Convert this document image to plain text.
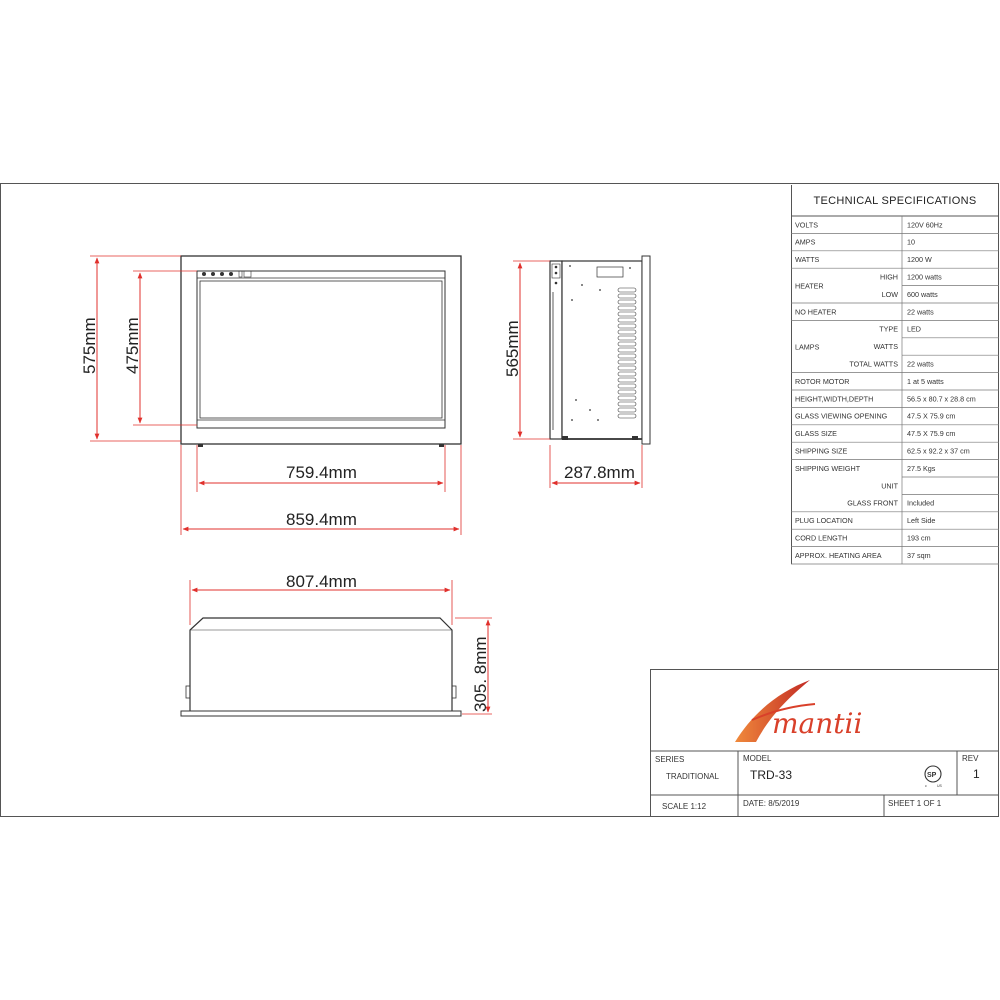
575mm 475mm
759.4mm
859.4mm
565mm
287.8mm
807.4mm
305. 8mm
TECHNICAL SPECIFICATIONS
VOLTS	120V 60Hz
AMPS	10
WATTS	1200 W
HEATER
HIGH 1200 watts
LOW 600 watts
NO HEATER	22 watts
LAMPS
TYPE LED
WATTS
TOTAL WATTS 22 watts
ROTOR MOTOR	1 at 5 watts
HEIGHT,WIDTH,DEPTH	56.5 x 80.7 x 28.8 cm
GLASS VIEWING OPENING	47.5 X 75.9 cm
GLASS SIZE	47.5 X 75.9 cm
SHIPPING SIZE	62.5 x 92.2 x 37 cm
SHIPPING WEIGHT	27.5 Kgs
UNIT
GLASS FRONT Included
PLUG LOCATION	Left Side
CORD LENGTH	193 cm
APPROX. HEATING AREA	37 sqm
mantii
SERIES
TRADITIONAL
MODEL
TRD-33
REV
1
SCALE 1:12	DATE: 8/5/2019	SHEET 1 OF 1
SP
c	US
